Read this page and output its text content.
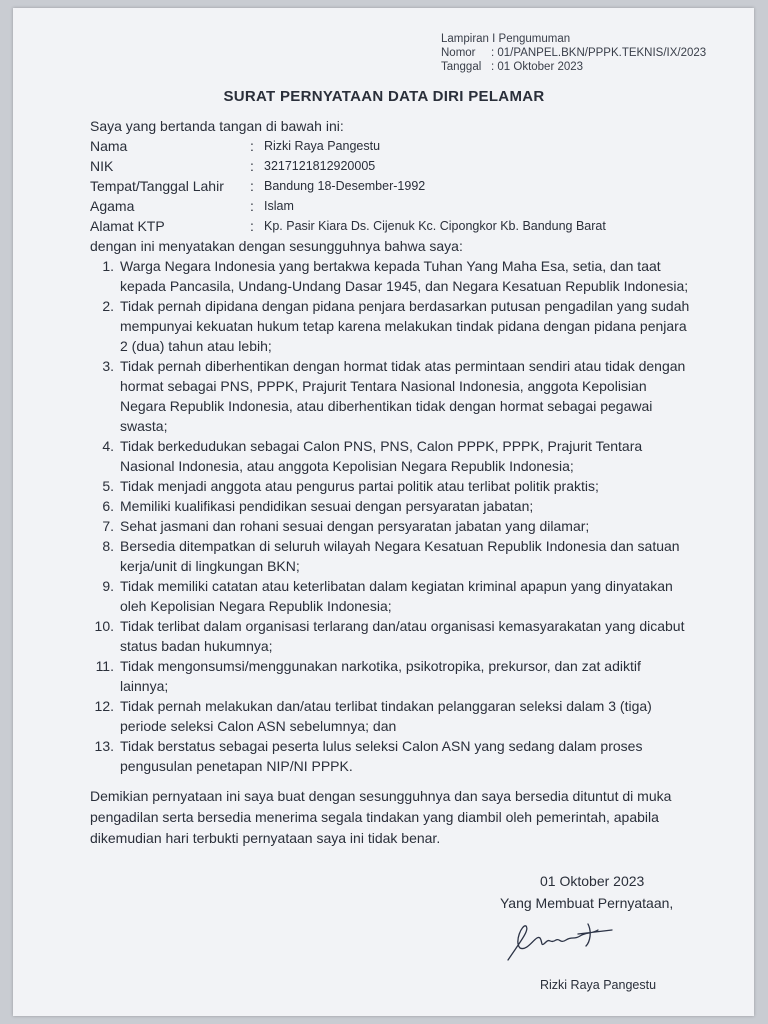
Lampiran I Pengumuman
Nomor	: 01/PANPEL.BKN/PPPK.TEKNIS/IX/2023
Tanggal : 01 Oktober 2023
SURAT PERNYATAAN DATA DIRI PELAMAR

Saya yang bertanda tangan di bawah ini:

Nama	: Rizki Raya Pangestu
NIK	: 3217121812920005
Tempat/Tanggal Lahir	: Bandung 18-Desember-1992
Agama	: Islam
Alamat KTP	: Kp. Pasir Kiara Ds. Cijenuk Kc. Cipongkor Kb. Bandung Barat

dengan ini menyatakan dengan sesungguhnya bahwa saya:

1. Warga Negara Indonesia yang bertakwa kepada Tuhan Yang Maha Esa, setia, dan taat kepada Pancasila, Undang-Undang Dasar 1945, dan Negara Kesatuan Republik Indonesia;
2. Tidak pernah dipidana dengan pidana penjara berdasarkan putusan pengadilan yang sudah mempunyai kekuatan hukum tetap karena melakukan tindak pidana dengan pidana penjara 2 (dua) tahun atau lebih;
3. Tidak pernah diberhentikan dengan hormat tidak atas permintaan sendiri atau tidak dengan hormat sebagai PNS, PPPK, Prajurit Tentara Nasional Indonesia, anggota Kepolisian Negara Republik Indonesia, atau diberhentikan tidak dengan hormat sebagai pegawai swasta;
4. Tidak berkedudukan sebagai Calon PNS, PNS, Calon PPPK, PPPK, Prajurit Tentara Nasional Indonesia, atau anggota Kepolisian Negara Republik Indonesia;
5. Tidak menjadi anggota atau pengurus partai politik atau terlibat politik praktis;
6. Memiliki kualifikasi pendidikan sesuai dengan persyaratan jabatan;
7. Sehat jasmani dan rohani sesuai dengan persyaratan jabatan yang dilamar;
8. Bersedia ditempatkan di seluruh wilayah Negara Kesatuan Republik Indonesia dan satuan kerja/unit di lingkungan BKN;
9. Tidak memiliki catatan atau keterlibatan dalam kegiatan kriminal apapun yang dinyatakan oleh Kepolisian Negara Republik Indonesia;
10. Tidak terlibat dalam organisasi terlarang dan/atau organisasi kemasyarakatan yang dicabut status badan hukumnya;
11. Tidak mengonsumsi/menggunakan narkotika, psikotropika, prekursor, dan zat adiktif lainnya;
12. Tidak pernah melakukan dan/atau terlibat tindakan pelanggaran seleksi dalam 3 (tiga) periode seleksi Calon ASN sebelumnya; dan
13. Tidak berstatus sebagai peserta lulus seleksi Calon ASN yang sedang dalam proses pengusulan penetapan NIP/NI PPPK.

Demikian pernyataan ini saya buat dengan sesungguhnya dan saya bersedia dituntut di muka pengadilan serta bersedia menerima segala tindakan yang diambil oleh pemerintah, apabila dikemudian hari terbukti pernyataan saya ini tidak benar.

01 Oktober 2023
Yang Membuat Pernyataan,
Rizki Raya Pangestu
